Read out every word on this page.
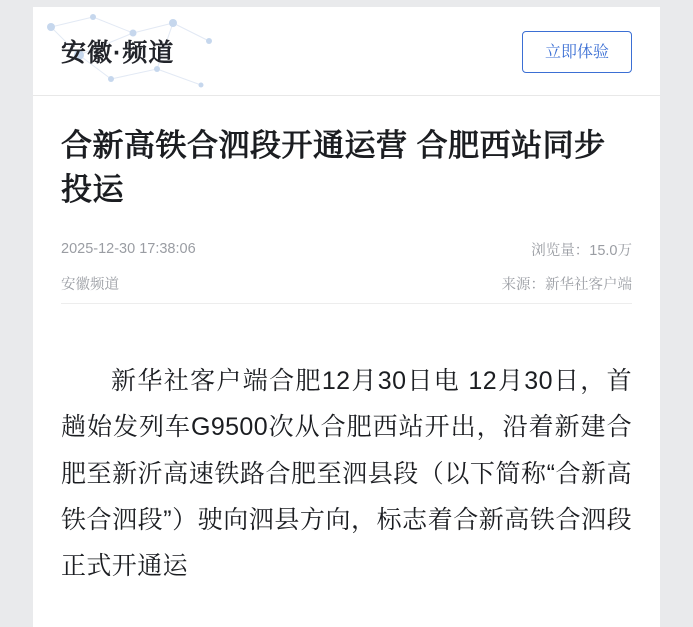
安徽·频道	立即体验
合新高铁合泗段开通运营 合肥西站同步投运
2025-12-30 17:38:06	浏览量：15.0万
安徽频道	来源：新华社客户端

新华社客户端合肥12月30日电 12月30日，首趟始发列车G9500次从合肥西站开出，沿着新建合肥至新沂高速铁路合肥至泗县段（以下简称“合新高铁合泗段”）驶向泗县方向，标志着合新高铁合泗段正式开通运
